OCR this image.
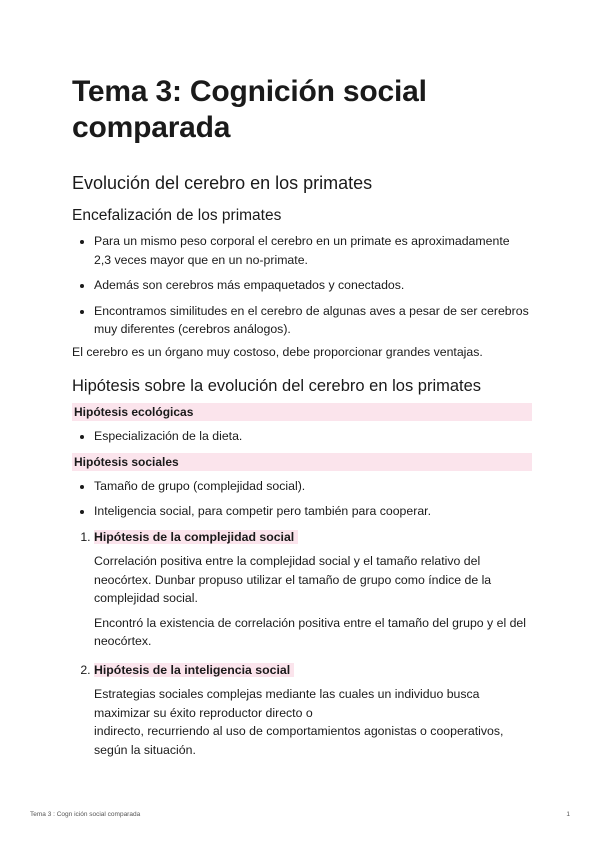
Tema 3: Cognición social comparada
Evolución del cerebro en los primates
Encefalización de los primates
• Para un mismo peso corporal el cerebro en un primate es aproximadamente 2,3 veces mayor que en un no-primate.
• Además son cerebros más empaquetados y conectados.
• Encontramos similitudes en el cerebro de algunas aves a pesar de ser cerebros muy diferentes (cerebros análogos).

El cerebro es un órgano muy costoso, debe proporcionar grandes ventajas.

Hipótesis sobre la evolución del cerebro en los primates
Hipótesis ecológicas
• Especialización de la dieta.
Hipótesis sociales
• Tamaño de grupo (complejidad social).
• Inteligencia social, para competir pero también para cooperar.
1. Hipótesis de la complejidad social

Correlación positiva entre la complejidad social y el tamaño relativo del neocórtex. Dunbar propuso utilizar el tamaño de grupo como índice de la complejidad social.

Encontró la existencia de correlación positiva entre el tamaño del grupo y el del neocórtex.

2. Hipótesis de la inteligencia social

Estrategias sociales complejas mediante las cuales un individuo busca maximizar su éxito reproductor directo o

indirecto, recurriendo al uso de comportamientos agonistas o cooperativos, según la situación.

Tema 3 : Cogn ición social comparada	1
